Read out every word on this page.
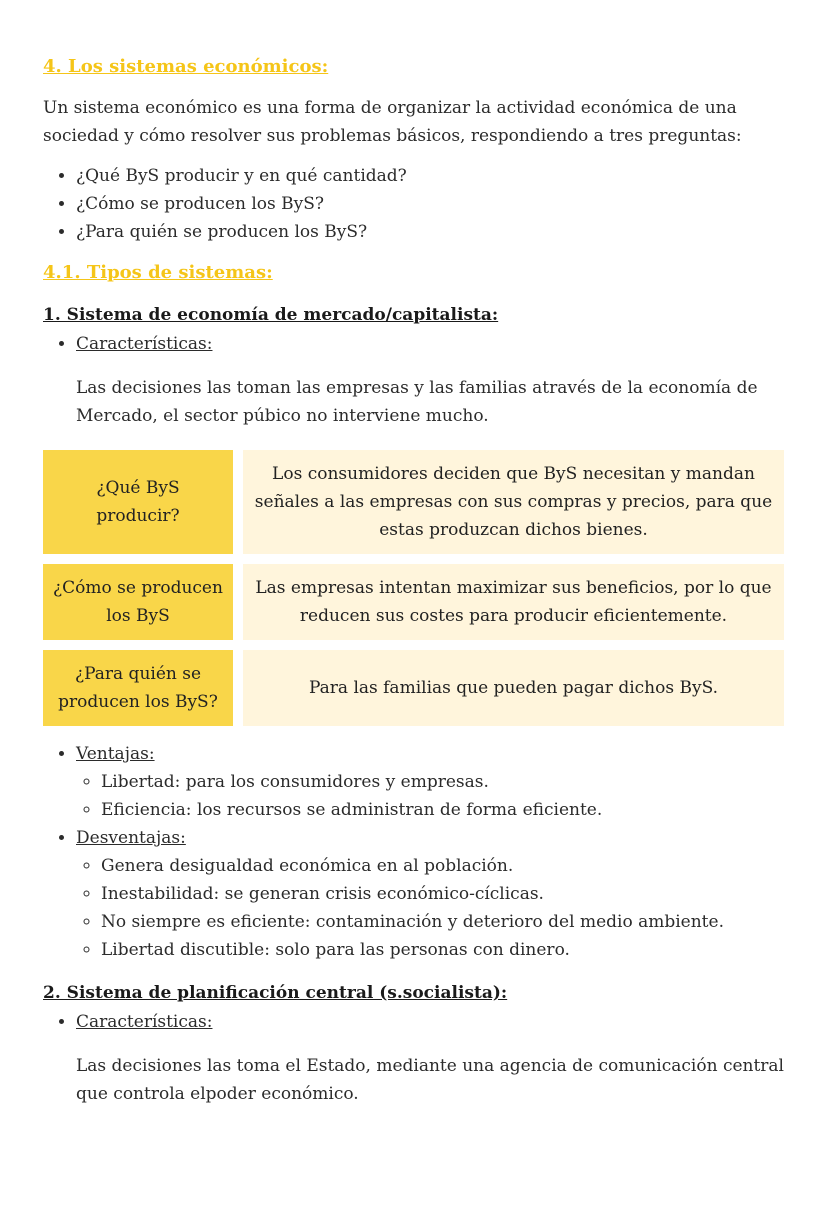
4. Los sistemas económicos:

Un sistema económico es una forma de organizar la actividad económica de una sociedad y cómo resolver sus problemas básicos, respondiendo a tres preguntas:

• ¿Qué ByS producir y en qué cantidad?
• ¿Cómo se producen los ByS?
• ¿Para quién se producen los ByS?
4.1. Tipos de sistemas:
1. Sistema de economía de mercado/capitalista:
• Características:

Las decisiones las toman las empresas y las familias através de la economía de Mercado, el sector púbico no interviene mucho.

¿Qué ByS producir?	Los consumidores deciden que ByS necesitan y mandan señales a las empresas con sus compras y precios, para que estas produzcan dichos bienes.
¿Cómo se producen los ByS	Las empresas intentan maximizar sus beneficios, por lo que reducen sus costes para producir eficientemente.
¿Para quién se producen los ByS?	Para las familias que pueden pagar dichos ByS.
• Ventajas:
◦ Libertad: para los consumidores y empresas.
◦ Eficiencia: los recursos se administran de forma eficiente.
• Desventajas:
◦ Genera desigualdad económica en al población.
◦ Inestabilidad: se generan crisis económico-cíclicas.
◦ No siempre es eficiente: contaminación y deterioro del medio ambiente.
◦ Libertad discutible: solo para las personas con dinero.
2. Sistema de planificación central (s.socialista):
• Características:

Las decisiones las toma el Estado, mediante una agencia de comunicación central que controla elpoder económico.
